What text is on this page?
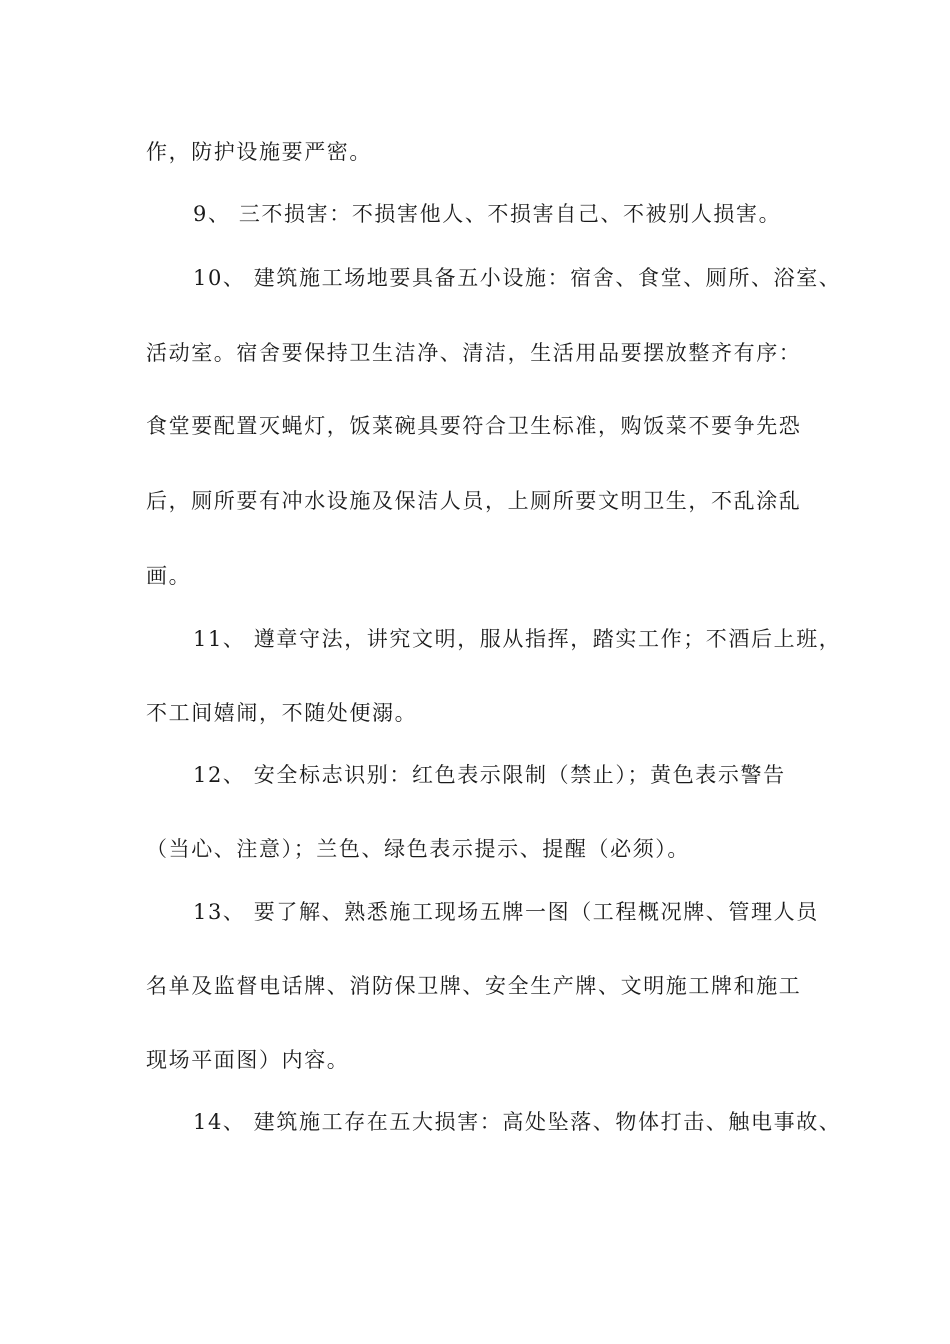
作，防护设施要严密。
9、 三不损害：不损害他人、不损害自己、不被别人损害。
10、 建筑施工场地要具备五小设施：宿舍、食堂、厕所、浴室、
活动室。宿舍要保持卫生洁净、清洁，生活用品要摆放整齐有序：
食堂要配置灭蝇灯，饭菜碗具要符合卫生标准，购饭菜不要争先恐
后，厕所要有冲水设施及保洁人员，上厕所要文明卫生，不乱涂乱
画。
11、 遵章守法，讲究文明，服从指挥，踏实工作；不酒后上班，
不工间嬉闹，不随处便溺。
12、 安全标志识别：红色表示限制（禁止）；黄色表示警告
（当心、注意）；兰色、绿色表示提示、提醒（必须）。
13、 要了解、熟悉施工现场五牌一图（工程概况牌、管理人员
名单及监督电话牌、消防保卫牌、安全生产牌、文明施工牌和施工
现场平面图）内容。
14、 建筑施工存在五大损害：高处坠落、物体打击、触电事故、
